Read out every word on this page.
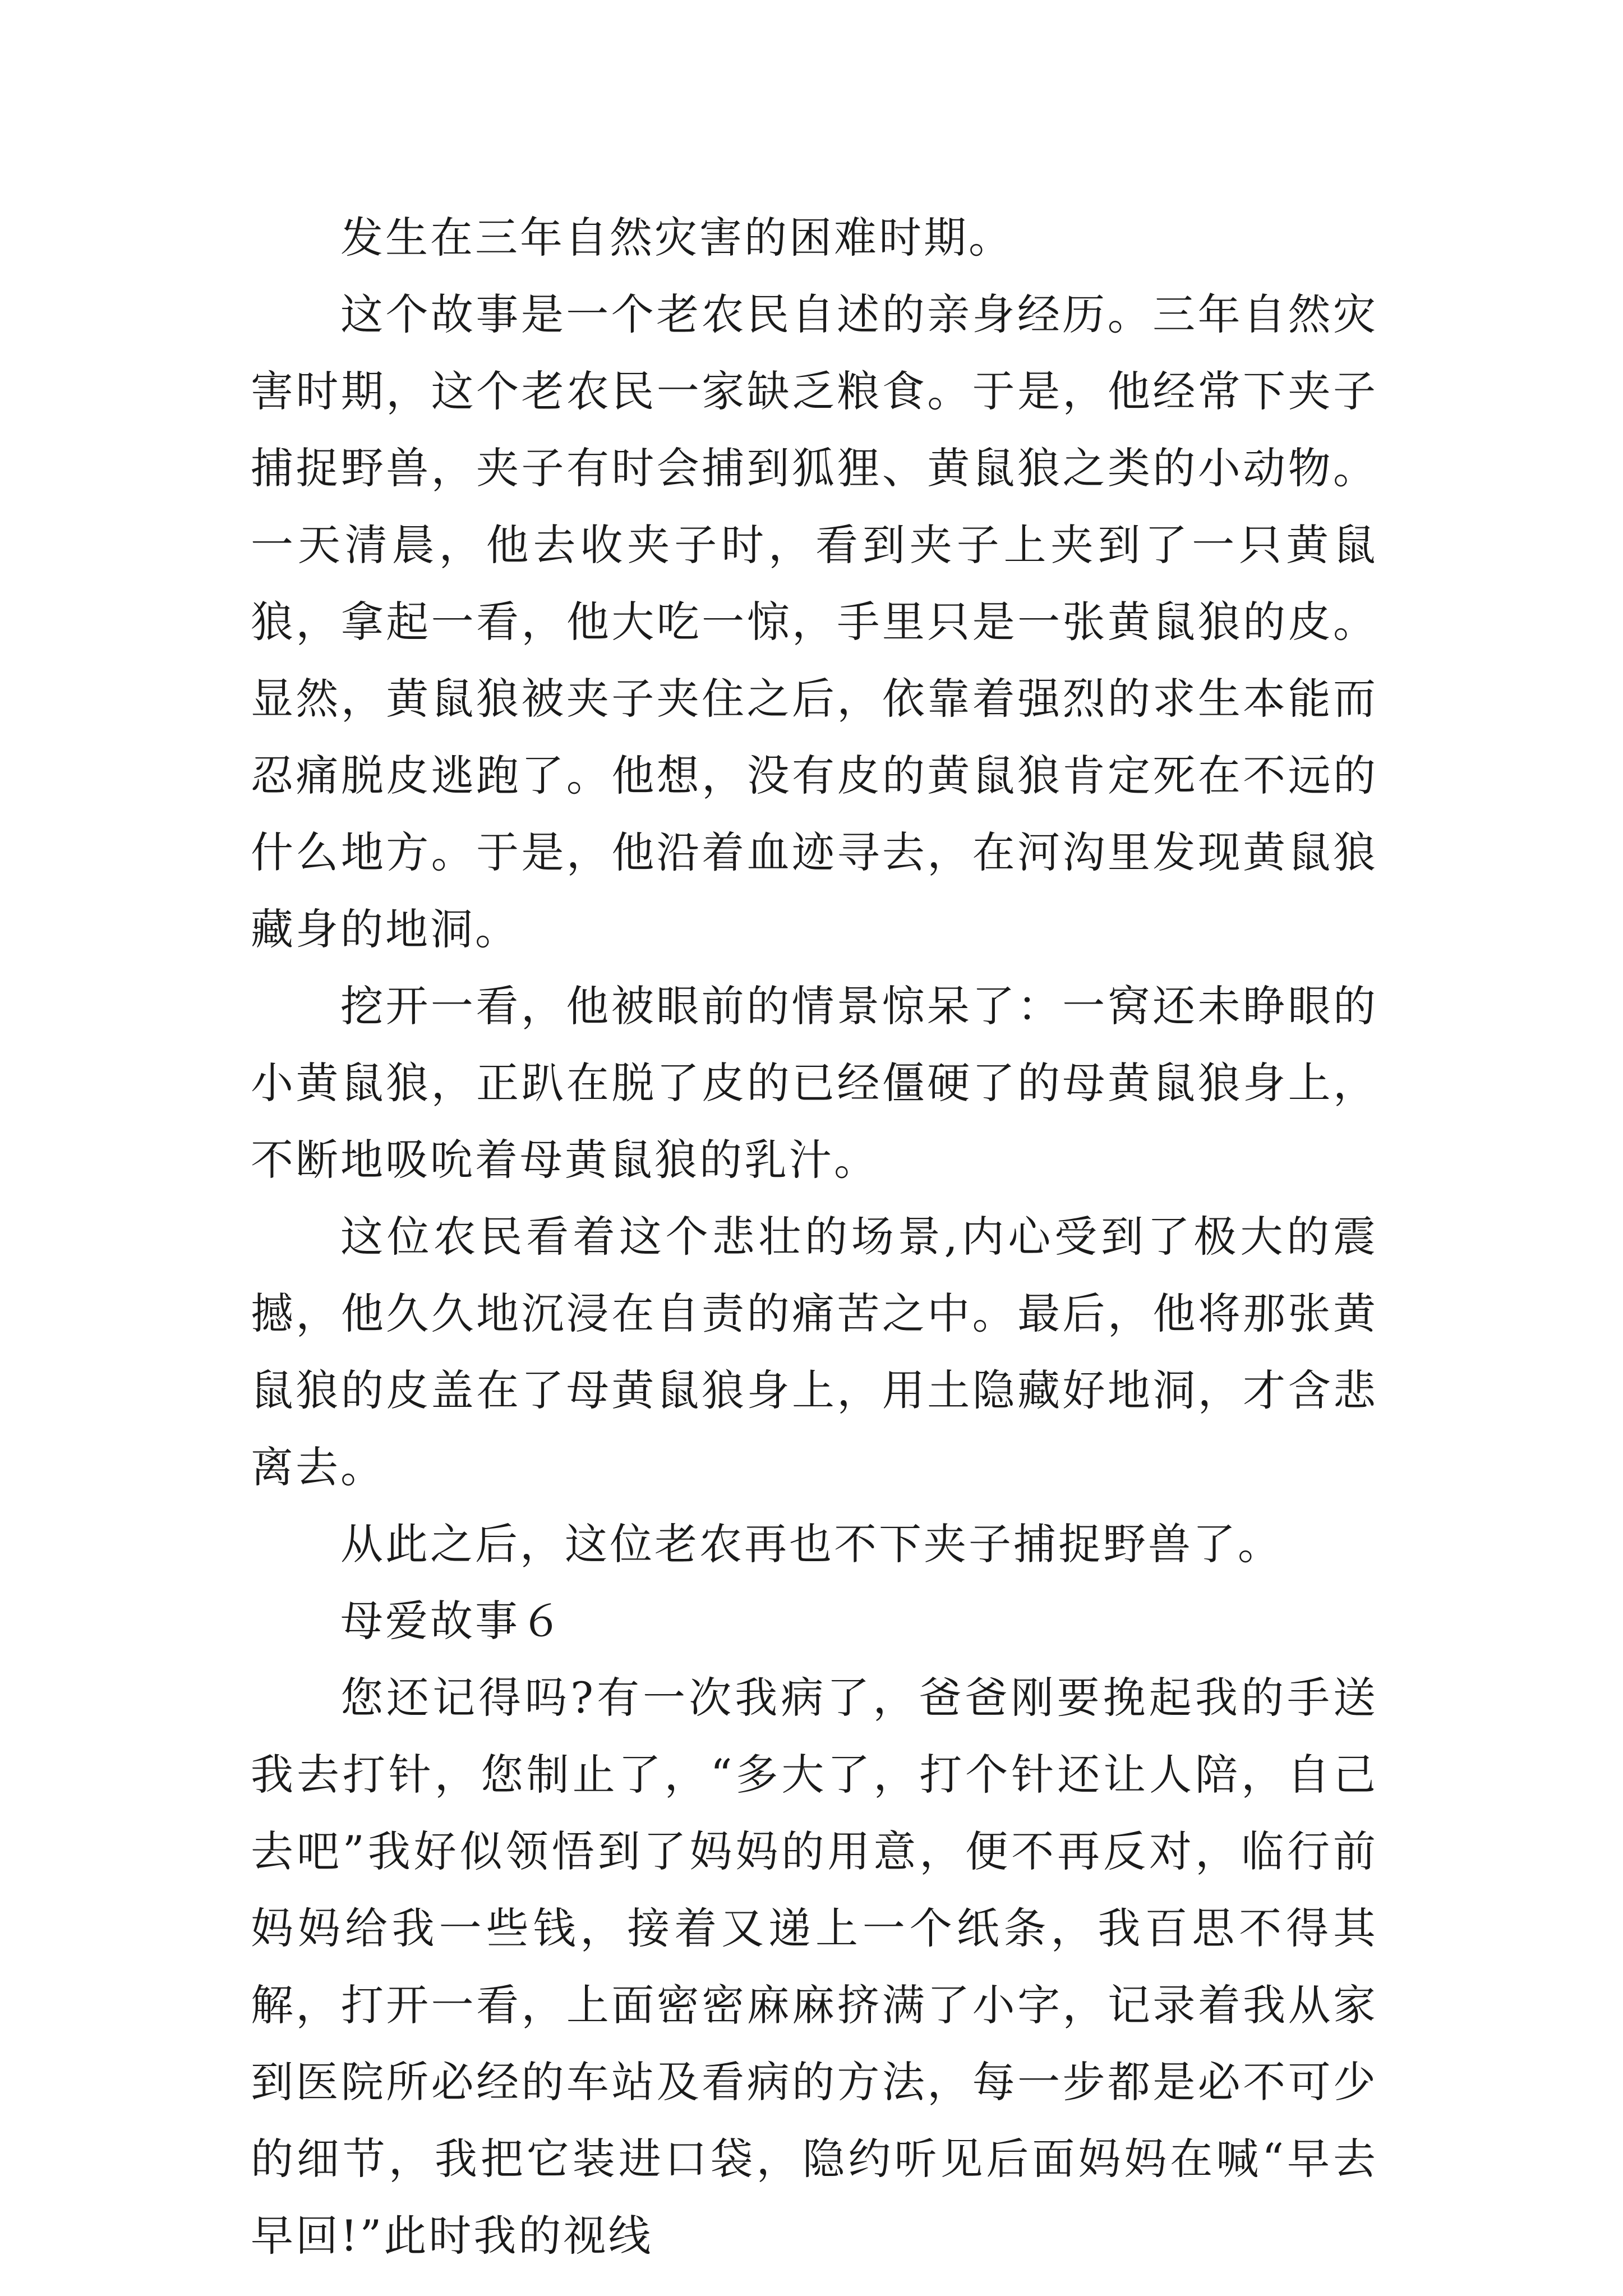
发生在三年自然灾害的困难时期。

这个故事是一个老农民自述的亲身经历。三年自然灾害时期，这个老农民一家缺乏粮食。于是，他经常下夹子捕捉野兽，夹子有时会捕到狐狸、黄鼠狼之类的小动物。 一天清晨，他去收夹子时，看到夹子上夹到了一只黄鼠狼，拿起一看，他大吃一惊，手里只是一张黄鼠狼的皮。显然，黄鼠狼被夹子夹住之后，依靠着强烈的求生本能而忍痛脱皮逃跑了。他想，没有皮的黄鼠狼肯定死在不远的什么地方。于是，他沿着血迹寻去，在河沟里发现黄鼠狼藏身的地洞。

挖开一看，他被眼前的情景惊呆了：一窝还未睁眼的小黄鼠狼，正趴在脱了皮的已经僵硬了的母黄鼠狼身上，不断地吸吮着母黄鼠狼的乳汁。

这位农民看着这个悲壮的场景,内心受到了极大的震撼，他久久地沉浸在自责的痛苦之中。最后，他将那张黄鼠狼的皮盖在了母黄鼠狼身上，用土隐藏好地洞，才含悲离去。

从此之后，这位老农再也不下夹子捕捉野兽了。

母爱故事６

您还记得吗?有一次我病了，爸爸刚要挽起我的手送我去打针，您制止了，“多大了，打个针还让人陪，自己去吧”我好似领悟到了妈妈的用意，便不再反对，临行前妈妈给我一些钱，接着又递上一个纸条，我百思不得其解，打开一看，上面密密麻麻挤满了小字，记录着我从家到医院所必经的车站及看病的方法，每一步都是必不可少的细节，我把它装进口袋，隐约听见后面妈妈在喊“早去早回!”此时我的视线
